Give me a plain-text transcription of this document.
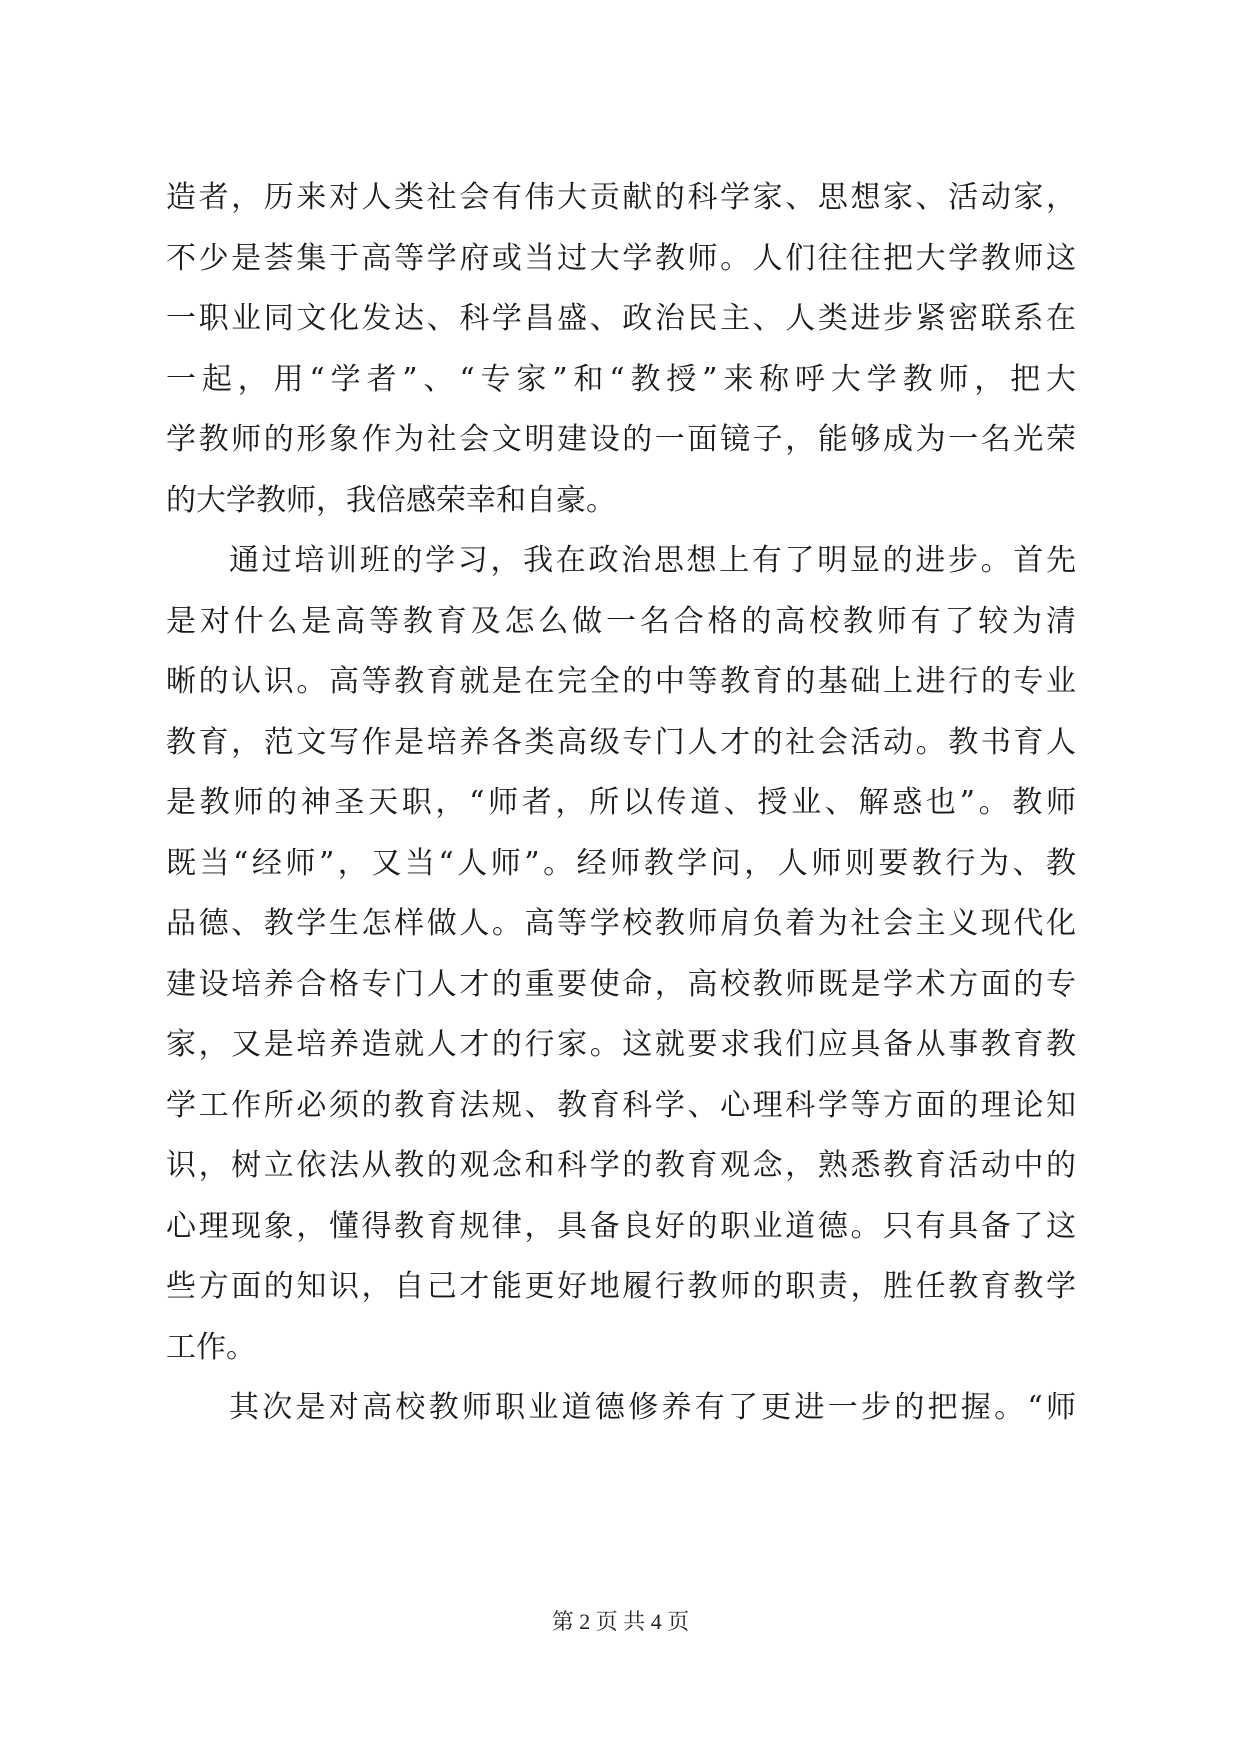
造者，历来对人类社会有伟大贡献的科学家、思想家、活动家，
不少是荟集于高等学府或当过大学教师。人们往往把大学教师这
一职业同文化发达、科学昌盛、政治民主、人类进步紧密联系在
一起，用“学者”、“专家”和“教授”来称呼大学教师，把大
学教师的形象作为社会文明建设的一面镜子，能够成为一名光荣
的大学教师，我倍感荣幸和自豪。
通过培训班的学习，我在政治思想上有了明显的进步。首先
是对什么是高等教育及怎么做一名合格的高校教师有了较为清
晰的认识。高等教育就是在完全的中等教育的基础上进行的专业
教育，范文写作是培养各类高级专门人才的社会活动。教书育人
是教师的神圣天职，“师者，所以传道、授业、解惑也”。教师
既当“经师”，又当“人师”。经师教学问，人师则要教行为、教
品德、教学生怎样做人。高等学校教师肩负着为社会主义现代化
建设培养合格专门人才的重要使命，高校教师既是学术方面的专
家，又是培养造就人才的行家。这就要求我们应具备从事教育教
学工作所必须的教育法规、教育科学、心理科学等方面的理论知
识，树立依法从教的观念和科学的教育观念，熟悉教育活动中的
心理现象，懂得教育规律，具备良好的职业道德。只有具备了这
些方面的知识，自己才能更好地履行教师的职责，胜任教育教学
工作。
其次是对高校教师职业道德修养有了更进一步的把握。“师
第 2 页 共 4 页
